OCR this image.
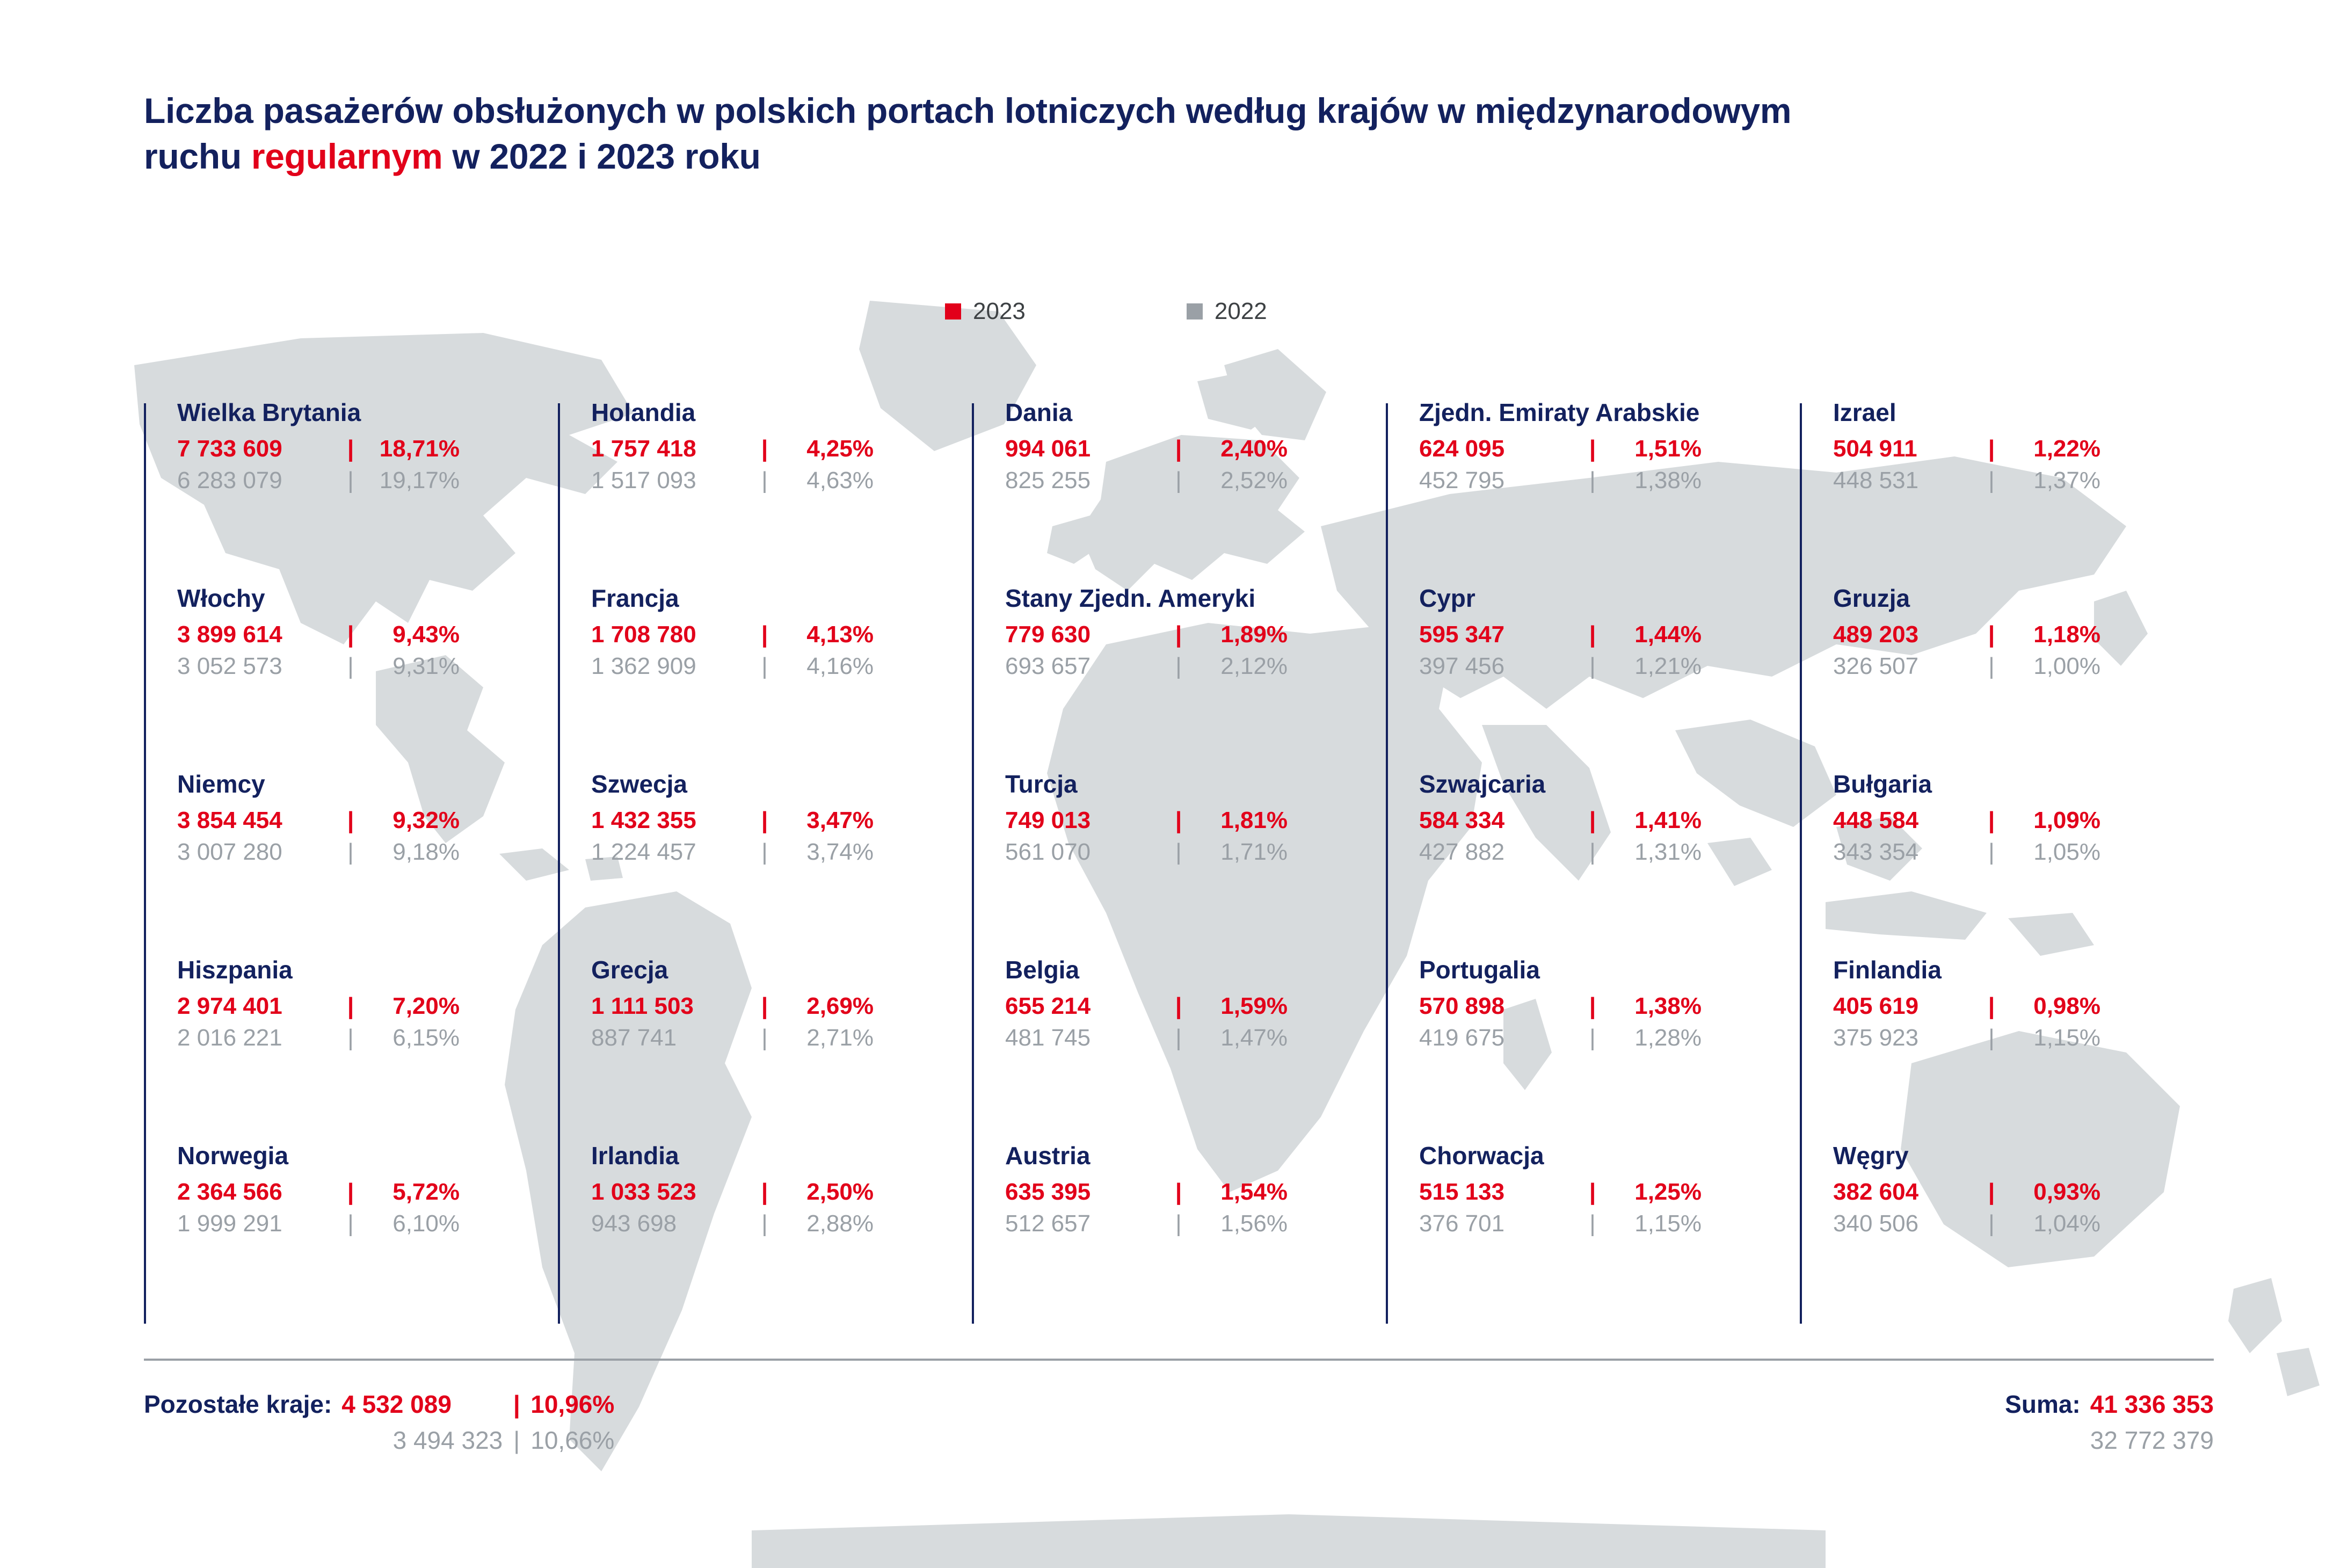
Liczba pasażerów obsłużonych w polskich portach lotniczych według krajów w międzynarodowym
ruchu regularnym w 2022 i 2023 roku
2023	2022
Wielka Brytania
7 733 609	|	18,71%
6 283 079	|	19,17%
Włochy
3 899 614	|	9,43%
3 052 573	|	9,31%
Niemcy
3 854 454	|	9,32%
3 007 280	|	9,18%
Hiszpania
2 974 401	|	7,20%
2 016 221	|	6,15%
Norwegia
2 364 566	|	5,72%
1 999 291	|	6,10%
Holandia
1 757 418	|	4,25%
1 517 093	|	4,63%
Francja
1 708 780	|	4,13%
1 362 909	|	4,16%
Szwecja
1 432 355	|	3,47%
1 224 457	|	3,74%
Grecja
1 111 503	|	2,69%
887 741	|	2,71%
Irlandia
1 033 523	|	2,50%
943 698	|	2,88%
Dania
994 061	|	2,40%
825 255	|	2,52%
Stany Zjedn. Ameryki
779 630	|	1,89%
693 657	|	2,12%
Turcja
749 013	|	1,81%
561 070	|	1,71%
Belgia
655 214	|	1,59%
481 745	|	1,47%
Austria
635 395	|	1,54%
512 657	|	1,56%
Zjedn. Emiraty Arabskie
624 095	|	1,51%
452 795	|	1,38%
Cypr
595 347	|	1,44%
397 456	|	1,21%
Szwajcaria
584 334	|	1,41%
427 882	|	1,31%
Portugalia
570 898	|	1,38%
419 675	|	1,28%
Chorwacja
515 133	|	1,25%
376 701	|	1,15%
Izrael
504 911	|	1,22%
448 531	|	1,37%
Gruzja
489 203	|	1,18%
326 507	|	1,00%
Bułgaria
448 584	|	1,09%
343 354	|	1,05%
Finlandia
405 619	|	0,98%
375 923	|	1,15%
Węgry
382 604	|	0,93%
340 506	|	1,04%
Pozostałe kraje: 4 532 089	| 10,96%
3 494 323 | 10,66%
Suma: 41 336 353
32 772 379
